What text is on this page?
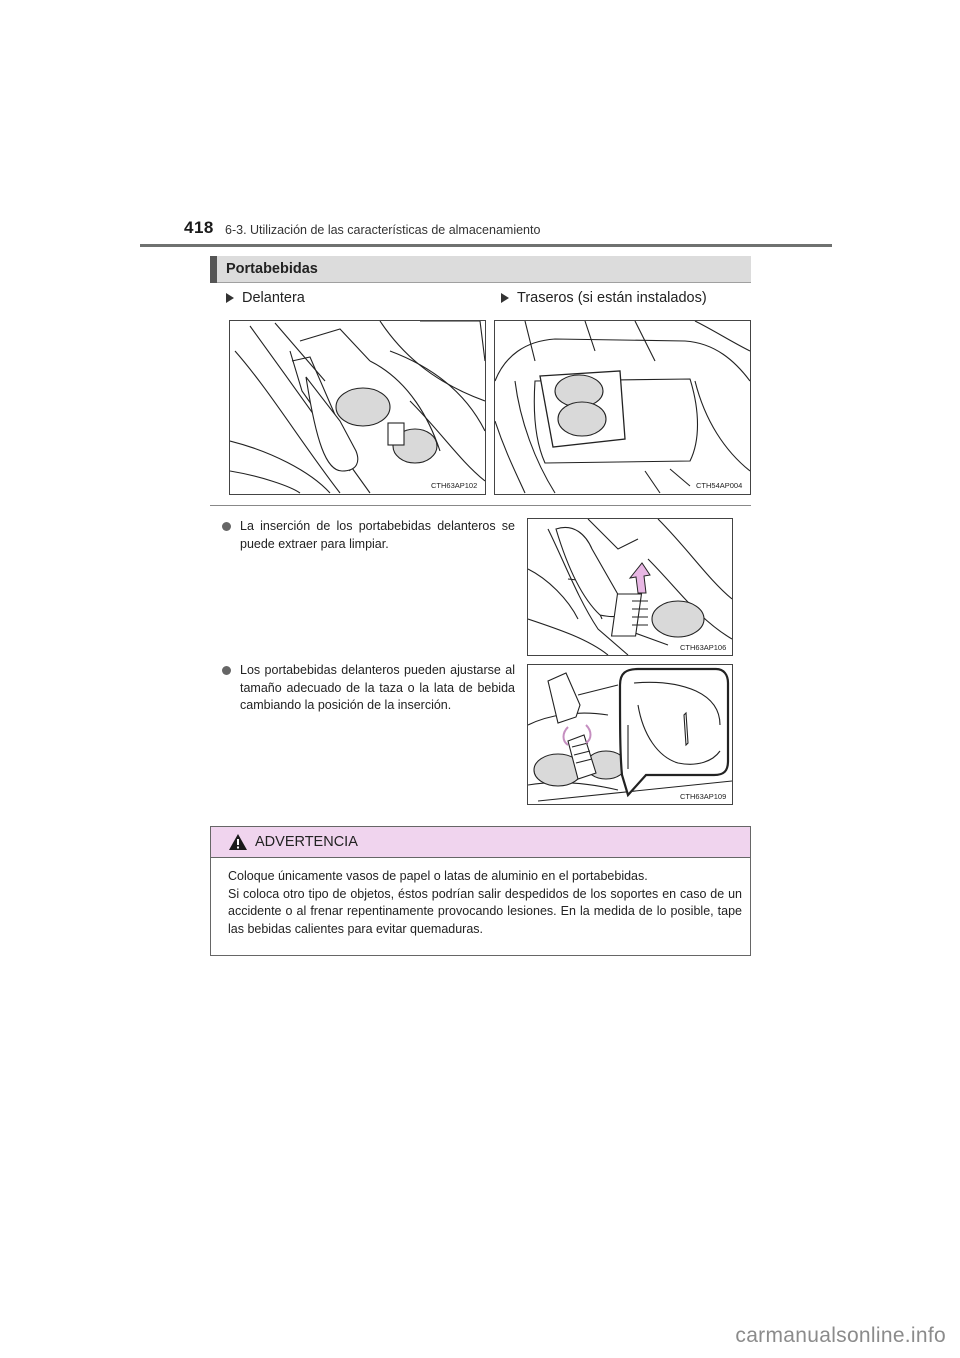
418 6-3. Utilización de las características de almacenamiento
Portabebidas
Delantera	Traseros (si están instalados)
CTH63AP102	CTH54AP004
La inserción de los portabebidas delanteros se puede extraer para limpiar.
CTH63AP106
Los portabebidas delanteros pueden ajustarse al tamaño adecuado de la taza o la lata de bebida cambiando la posición de la inserción.
CTH63AP109
ADVERTENCIA

Coloque únicamente vasos de papel o latas de aluminio en el portabebidas.

Si coloca otro tipo de objetos, éstos podrían salir despedidos de los soportes en caso de un accidente o al frenar repentinamente provocando lesiones. En la medida de lo posible, tape las bebidas calientes para evitar quemaduras.

carmanualsonline.info
